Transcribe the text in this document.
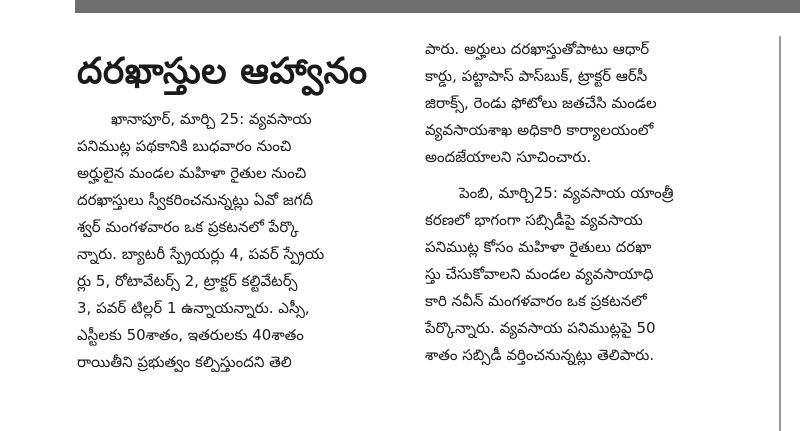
దరఖాస్తుల ఆహ్వానం
ఖానాపూర్, మార్చి 25: వ్యవసాయ
పనిముట్ల పథకానికి బుధవారం నుంచి
అర్హులైన మండల మహిళా రైతుల నుంచి
దరఖాస్తులు స్వీకరించనున్నట్లు ఏవో జగదీ
శ్వర్ మంగళవారం ఒక ప్రకటనలో పేర్కొ
న్నారు. బ్యాటరీ స్ప్రేయర్లు 4, పవర్ స్ప్రేయ
ర్లు 5, రోటావేటర్స్ 2, ట్రాక్టర్ కల్టివేటర్స్
3, పవర్ టిల్లర్ 1 ఉన్నాయన్నారు. ఎస్సీ,
ఎస్టీలకు 50శాతం, ఇతరులకు 40శాతం
రాయితీని ప్రభుత్వం కల్పిస్తుందని తెలి
పారు. అర్హులు దరఖాస్తుతోపాటు ఆధార్
కార్డు, పట్టాపాస్ పాస్‌బుక్, ట్రాక్టర్ ఆర్‌సీ
జిరాక్స్, రెండు ఫోటోలు జతచేసి మండల
వ్యవసాయశాఖ అధికారి కార్యాలయంలో
అందజేయాలని సూచించారు.
పెంబి, మార్చి25: వ్యవసాయ యాంత్రీ
కరణలో భాగంగా సబ్సిడీపై వ్యవసాయ
పనిముట్ల కోసం మహిళా రైతులు దరఖా
స్తు చేసుకోవాలని మండల వ్యవసాయాధి
కారి నవీన్ మంగళవారం ఒక ప్రకటనలో
పేర్కొన్నారు. వ్యవసాయ పనిముట్లపై 50
శాతం సబ్సిడీ వర్తించనున్నట్లు తెలిపారు.
